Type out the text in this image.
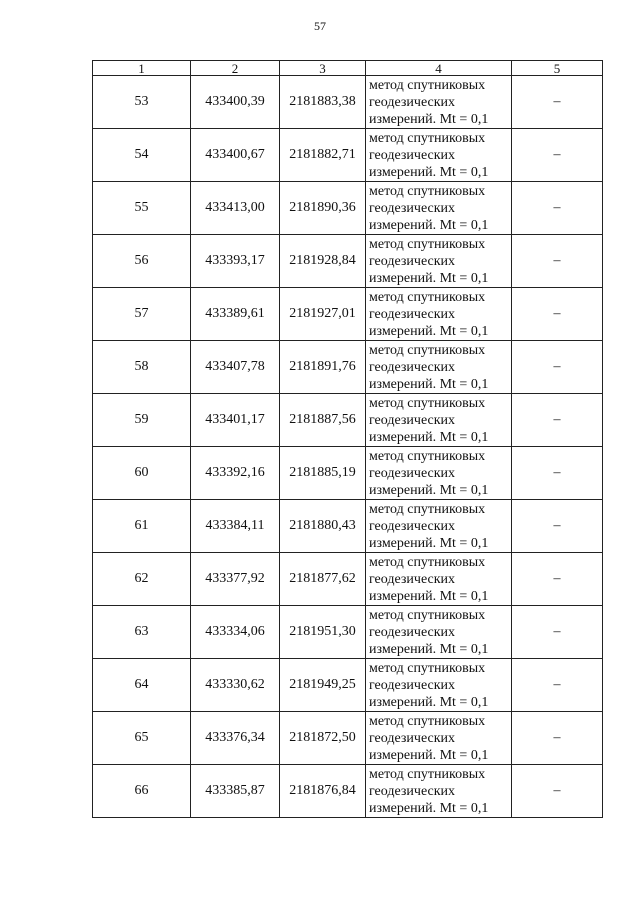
57
1	2	3	4	5
53	433400,39	2181883,38	метод спутниковых
геодезических
измерений. Mt = 0,1	–
54	433400,67	2181882,71	метод спутниковых
геодезических
измерений. Mt = 0,1	–
55	433413,00	2181890,36	метод спутниковых
геодезических
измерений. Mt = 0,1	–
56	433393,17	2181928,84	метод спутниковых
геодезических
измерений. Mt = 0,1	–
57	433389,61	2181927,01	метод спутниковых
геодезических
измерений. Mt = 0,1	–
58	433407,78	2181891,76	метод спутниковых
геодезических
измерений. Mt = 0,1	–
59	433401,17	2181887,56	метод спутниковых
геодезических
измерений. Mt = 0,1	–
60	433392,16	2181885,19	метод спутниковых
геодезических
измерений. Mt = 0,1	–
61	433384,11	2181880,43	метод спутниковых
геодезических
измерений. Mt = 0,1	–
62	433377,92	2181877,62	метод спутниковых
геодезических
измерений. Mt = 0,1	–
63	433334,06	2181951,30	метод спутниковых
геодезических
измерений. Mt = 0,1	–
64	433330,62	2181949,25	метод спутниковых
геодезических
измерений. Mt = 0,1	–
65	433376,34	2181872,50	метод спутниковых
геодезических
измерений. Mt = 0,1	–
66	433385,87	2181876,84	метод спутниковых
геодезических
измерений. Mt = 0,1	–
